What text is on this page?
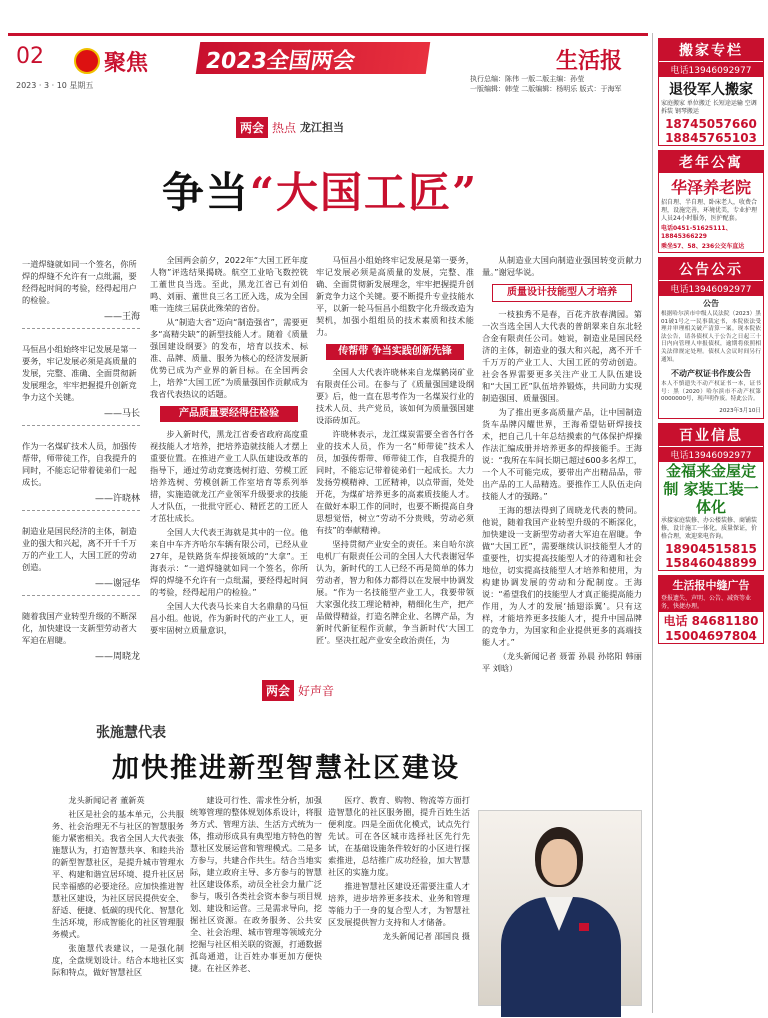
02
2023 · 3 · 10 星期五
聚焦	2023全国两会	生活报
执行总编：陈伟 一版二版主编：孙莹
一版编辑：韩莹 二版编辑：杨明乐 版式：于海军
两会 热点 龙江担当
争当“大国工匠”

一道焊缝就如同一个签名，你所焊的焊缝不允许有一点纰漏，要经得起时间的考验，经得起用户的检验。

——王海

马恒昌小组始终牢记发展是第一要务，牢记发展必须是高质量的发展，完整、准确、全面贯彻新发展理念，牢牢把握提升创新竞争力这个关键。

——马长

作为一名煤矿技术人员，加强传帮带，师带徒工作，自我提升的同时，不能忘记带着徒弟们一起成长。

——许晓林

制造业是国民经济的主体，制造业的强大和兴起，离不开千千万万的产业工人，大国工匠的劳动创造。

——谢冠华

随着我国产业转型升级的不断深化，加快建设一支新型劳动者大军迫在眉睫。

——周晓龙

全国两会前夕，2022年“大国工匠年度人物”评选结果揭晓。航空工业哈飞数控铣工董世良当选。至此，黑龙江省已有刘伯鸣、刘丽、董世良三名工匠入选，成为全国唯一连续三届获此殊荣的省份。

从“制造大省”迈向“制造强省”，需要更多“高精尖缺”的新型技能人才。随着《质量强国建设纲要》的发布，培育以技术、标准、品牌、质量、服务为核心的经济发展新优势已成为产业界的新目标。在全国两会上，培养“大国工匠”为质量强国作贡献成为我省代表热议的话题。

产品质量要经得住检验

步入新时代，黑龙江省委省政府高度重视技能人才培养，把培养造就技能人才摆上重要位置。在推进产业工人队伍建设改革的指导下，通过劳动竞赛选树打造、劳模工匠培养选树、劳模创新工作室培育等系列举措，实施造就龙江产业领军升级要求的技能人才队伍，一批批守匠心、精匠艺的工匠人才茁壮成长。

全国人大代表王海就是其中的一位。他来自中车齐齐哈尔车辆有限公司，已经从业27年，是铁路货车焊接领域的“大拿”。王海表示：“一道焊缝就如同一个签名，你所焊的焊缝不允许有一点纰漏，要经得起时间的考验，经得起用户的检验。”

全国人大代表马长来自大名鼎鼎的马恒昌小组。他说，作为新时代的产业工人，更要牢固树立质量意识，

马恒昌小组始终牢记发展是第一要务，牢记发展必须是高质量的发展，完整、准确、全面贯彻新发展理念，牢牢把握提升创新竞争力这个关键。要不断提升专业技能水平，以新一轮马恒昌小组数字化升级改造为契机，加强小组组员的技术素质和技术能力。

传帮带 争当实践创新先锋

全国人大代表许晓林来自龙煤鹤岗矿业有限责任公司。在参与了《质量强国建设纲要》后，他一直在思考作为一名煤炭行业的技术人员、共产党员，该如何为质量强国建设添砖加瓦。

许晓林表示，龙江煤炭需要全省各行各业的技术人员，作为一名“师带徒”技术人员，加强传帮带、师带徒工作，自我提升的同时，不能忘记带着徒弟们一起成长。大力发扬劳模精神、工匠精神，以点带面，处处开花，为煤矿培养更多的高素质技能人才。在做好本职工作的同时，也要不断提高自身思想觉悟，树立“劳动不分贵贱，劳动必须有技”的奉献精神。

坚持贯彻产业安全的责任。来自哈尔滨电机厂有限责任公司的全国人大代表谢冠华认为，新时代的工人已经不再是简单的体力劳动者，智力和体力都得以在发展中协调发展。“作为一名技能型产业工人，我要带领大家强化技工理论精神，精细化生产，把产品做得精益，打造名牌企业、名牌产品，为新时代新征程作贡献，争当新时代‘大国工匠’。坚决扛起产业安全政治责任，为

从制造业大国向制造业强国转变贡献力量。”谢冠华说。

质量设计技能型人才培养

一枝独秀不是春，百花齐放春满园。第一次当选全国人大代表的普朗翠来自东北轻合金有限责任公司。她说，制造业是国民经济的主体，制造业的强大和兴起，离不开千千万万的产业工人、大国工匠的劳动创造。社会各界需要更多关注产业工人队伍建设和“大国工匠”队伍培养锻炼，共同助力实现制造强国、质量强国。

为了推出更多高质量产品，让中国制造货车品牌闪耀世界，王海希望钻研焊接技术，把自己几十年总结摸索的气体保护焊操作法汇编成册并培养更多的焊接能手。王海说：“我所在车间长期已超过600多名焊工，一个人不可能完成，要带出产出精品品，带出产品的工人品精选。要推作工人队伍走向技能人才的强路。”

王海的想法得到了周晓龙代表的赞同。他说，随着我国产业转型升级的不断深化，加快建设一支新型劳动者大军迫在眉睫。争做“大国工匠”，需要继续认识技能型人才的重要性，切实提高技能型人才的待遇和社会地位，切实提高技能型人才培养和使用，为构建协调发展的劳动和分配制度。王海说：“希望我们的技能型人才真正能提高能力作用，为人才的发展‘插翅添翼’。只有这样，才能培养更多技能人才，提升中国品牌的竞争力，为国家和企业提供更多的高端技能人才。”

（龙头新闻记者 聂蕾 孙晨 孙铭阳 韩丽平 刘晗）

两会 好声音
张施慧代表
加快推进新型智慧社区建设

龙头新闻记者 董新英

社区是社会的基本单元，公共服务、社会治理无不与社区的智慧服务能力紧密相关。我省全国人大代表张施慧认为，打造智慧共享、和睦共治的新型智慧社区，是提升城市管理水平、构建和谐宜居环境、提升社区居民幸福感的必要途径。应加快推进智慧社区建设，为社区居民提供安全、舒适、便捷、低碳的现代化、智慧化生活环境，形成智能化的社区管理服务模式。

张施慧代表建议，一是强化制度，全盘规划设计。结合本地社区实际和特点，做好智慧社区

建设可行性、需求性分析，加强统筹管理的整体规划体系设计，将服务方式、管理方法、生活方式统为一体，推动形成具有典型地方特色的智慧社区发展运营和管理模式。二是多方参与，共建合作共生。结合当地实际，建立政府主导、多方参与的智慧社区建设体系，动员全社会力量广泛参与，吸引各类社会资本参与项目规划、建设和运营。三是需求导向，挖掘社区资源。在政务服务、公共安全、社会治理、城市管理等领域充分挖掘与社区相关联的资源，打通数据孤岛通道，让百姓办事更加方便快捷。在社区养老、

医疗、教育、购物、物流等方面打造智慧化的社区服务圈，提升百姓生活便利度。四是全面优化模式，试点先行先试。可在各区城市选择社区先行先试，在基础设施条件较好的小区进行探索推进，总结推广成功经验，加大智慧社区的实施力度。

推进智慧社区建设还需要注重人才培养，进步培养更多技术、业务和管理等能力于一身的复合型人才，为智慧社区发展提供智力支持和人才储备。

龙头新闻记者 邵国良 摄

搬家专栏
电话13946092977
退役军人搬家
家庭搬家 单位搬迁 长短途运输 空调拆装 钢琴搬运
18745057660
18845765103
老年公寓
华泽养老院
招自理、半自理、卧床老人，收费合理，设施完善，环境优美，专业护理人员24小时服务，医护配套。
电话0451-51625111、18845366229
乘坐57、58、236公交车直达
公告公示
电话13946092977
公告
根据哈尔滨市中级人民法院（2023）黑01破1号之一民事裁定书，本院依法受理并审理相关破产清算一案。现本院依法公告，请各债权人于公告之日起三十日内向管理人申报债权，逾期将依照相关法律规定处理。债权人会议时间另行通知。
不动产权证书作废公告
本人不慎遗失不动产权证书一本，证书号：黑（2020）哈尔滨市不动产权第0000000号，现声明作废。特此公告。
2023年3月10日
百业信息
电话13946092977
金福来金屋定制 家装工装一体化
承接家庭装修、办公楼装修、商铺装修，设计施工一体化，质量保证，价格合理，欢迎来电咨询。
18904515815
15846048899
生活报中缝广告
登报遗失、声明、公告、减资等业务，快捷办理。
电话 84681180
15004697804
